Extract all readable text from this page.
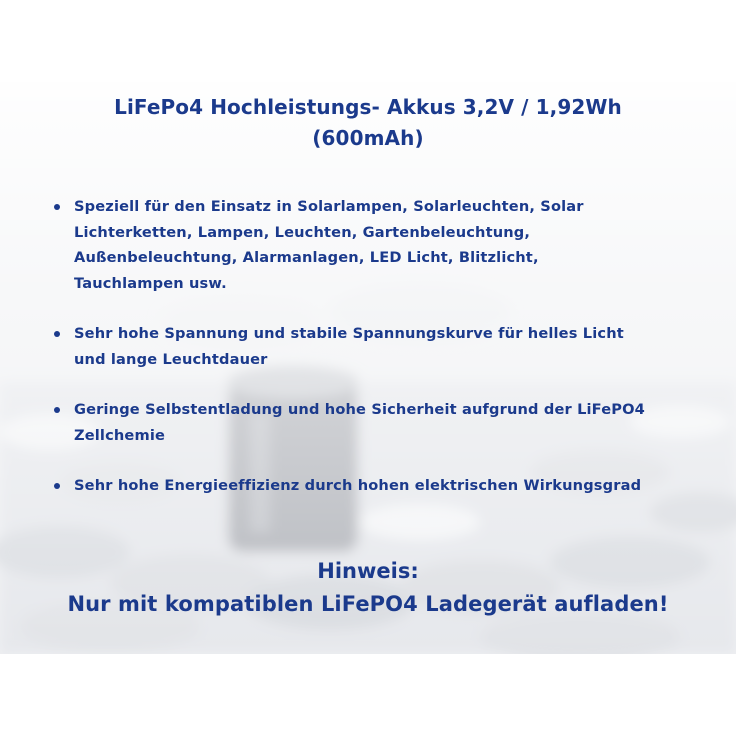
LiFePo4 Hochleistungs- Akkus 3,2V / 1,92Wh
(600mAh)
Speziell für den Einsatz in Solarlampen, Solarleuchten, Solar
Lichterketten, Lampen, Leuchten, Gartenbeleuchtung,
Außenbeleuchtung, Alarmanlagen, LED Licht, Blitzlicht,
Tauchlampen usw.
Sehr hohe Spannung und stabile Spannungskurve für helles Licht
und lange Leuchtdauer
Geringe Selbstentladung und hohe Sicherheit aufgrund der LiFePO4
Zellchemie
Sehr hohe Energieeffizienz durch hohen elektrischen Wirkungsgrad
Hinweis:
Nur mit kompatiblen LiFePO4 Ladegerät aufladen!
